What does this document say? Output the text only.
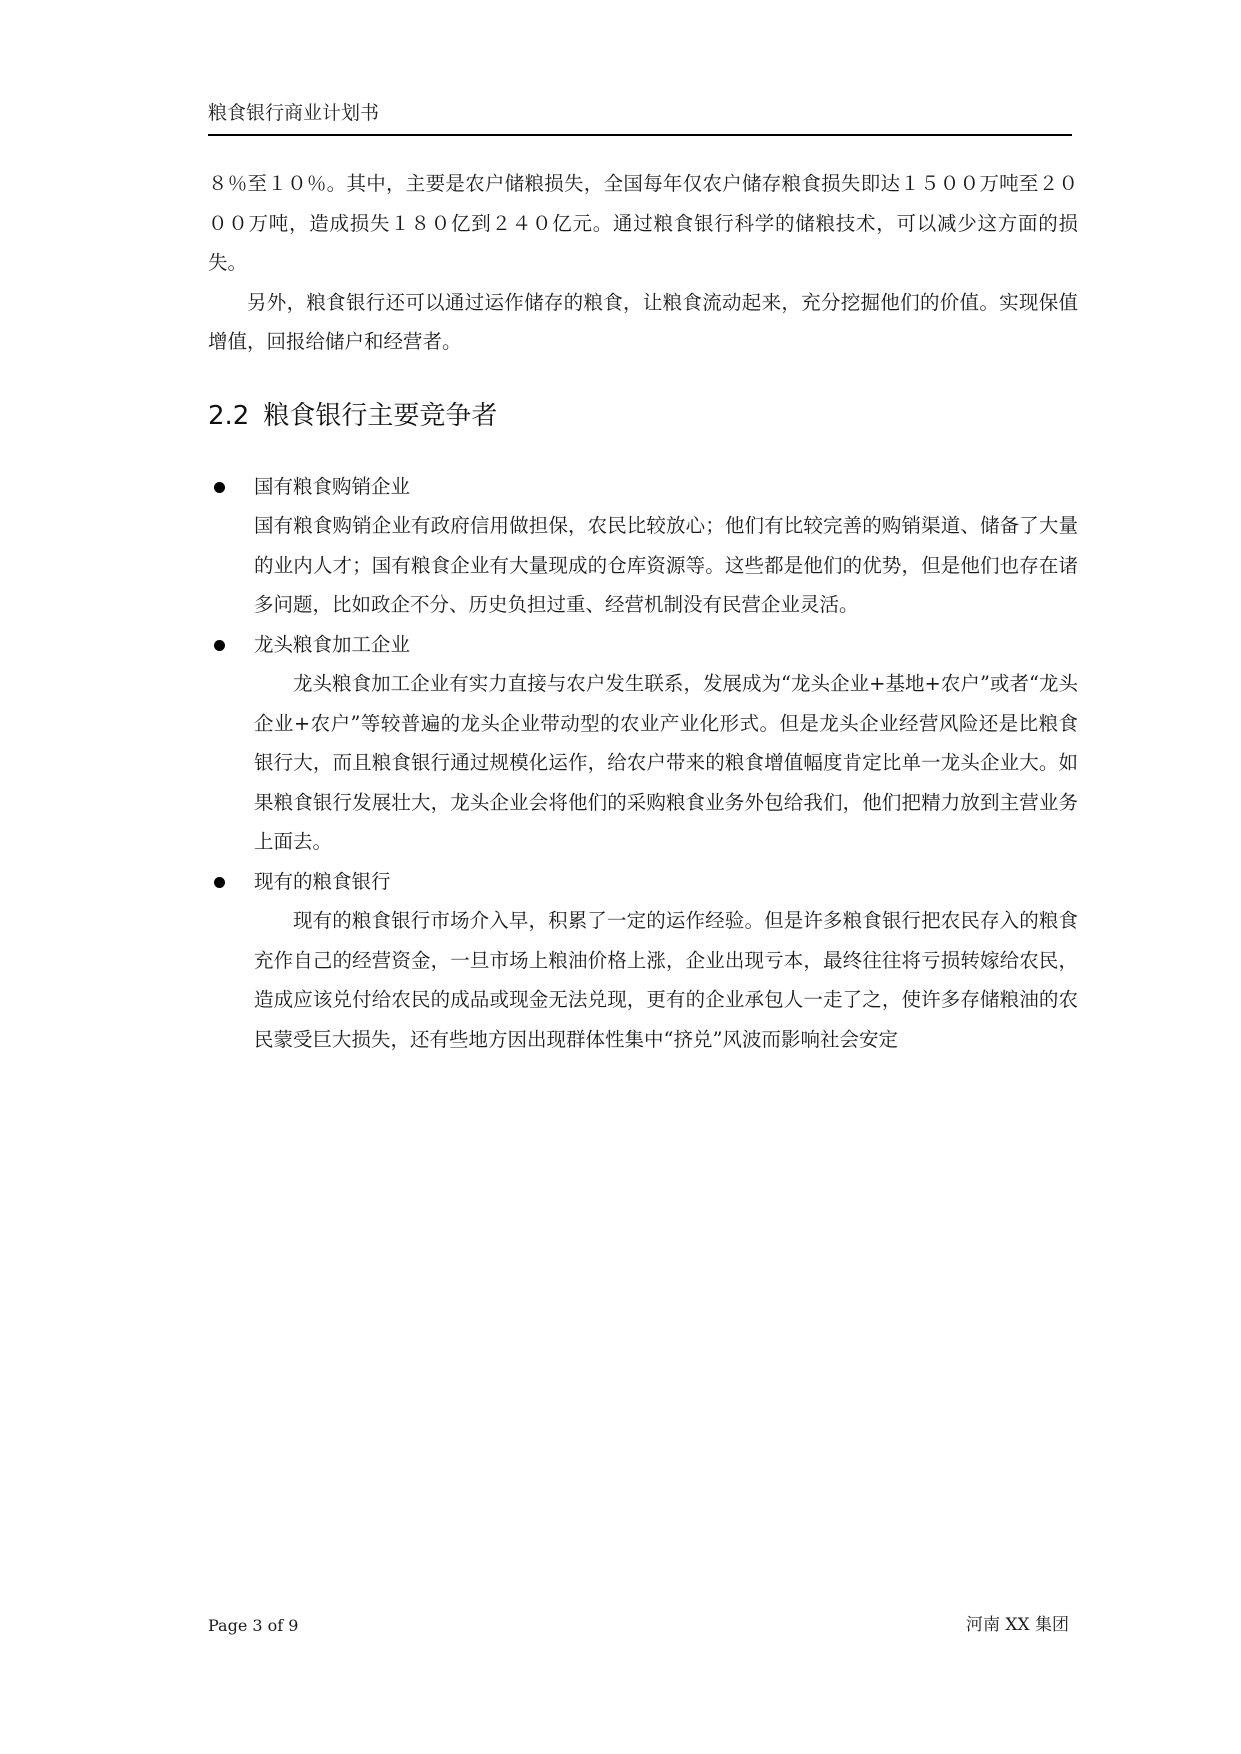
粮食银行商业计划书

８％至１０％。其中，主要是农户储粮损失，全国每年仅农户储存粮食损失即达１５００万吨至２０００万吨，造成损失１８０亿到２４０亿元。通过粮食银行科学的储粮技术，可以减少这方面的损失。

另外，粮食银行还可以通过运作储存的粮食，让粮食流动起来，充分挖掘他们的价值。实现保值增值，回报给储户和经营者。

2.2 粮食银行主要竞争者
国有粮食购销企业

国有粮食购销企业有政府信用做担保，农民比较放心；他们有比较完善的购销渠道、储备了大量的业内人才；国有粮食企业有大量现成的仓库资源等。这些都是他们的优势，但是他们也存在诸多问题，比如政企不分、历史负担过重、经营机制没有民营企业灵活。

龙头粮食加工企业

龙头粮食加工企业有实力直接与农户发生联系，发展成为“龙头企业+基地+农户”或者“龙头企业+农户”等较普遍的龙头企业带动型的农业产业化形式。但是龙头企业经营风险还是比粮食银行大，而且粮食银行通过规模化运作，给农户带来的粮食增值幅度肯定比单一龙头企业大。如果粮食银行发展壮大，龙头企业会将他们的采购粮食业务外包给我们，他们把精力放到主营业务上面去。

现有的粮食银行

现有的粮食银行市场介入早，积累了一定的运作经验。但是许多粮食银行把农民存入的粮食充作自己的经营资金，一旦市场上粮油价格上涨，企业出现亏本，最终往往将亏损转嫁给农民，造成应该兑付给农民的成品或现金无法兑现，更有的企业承包人一走了之，使许多存储粮油的农民蒙受巨大损失，还有些地方因出现群体性集中“挤兑”风波而影响社会安定

Page 3 of 9	河南 XX 集团
